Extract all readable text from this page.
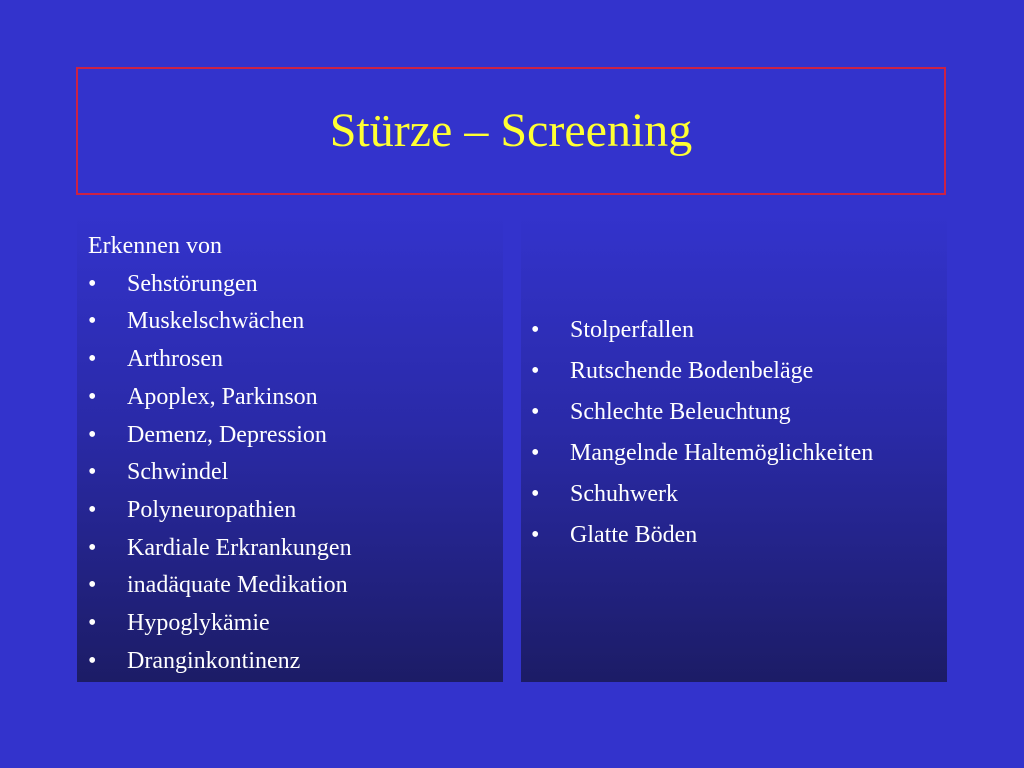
Stürze – Screening
Erkennen von
• Sehstörungen
• Muskelschwächen
• Arthrosen
• Apoplex, Parkinson
• Demenz, Depression
• Schwindel
• Polyneuropathien
• Kardiale Erkrankungen
• inadäquate Medikation
• Hypoglykämie
• Dranginkontinenz
• Stolperfallen
• Rutschende Bodenbeläge
• Schlechte Beleuchtung
• Mangelnde Haltemöglichkeiten
• Schuhwerk
• Glatte Böden
